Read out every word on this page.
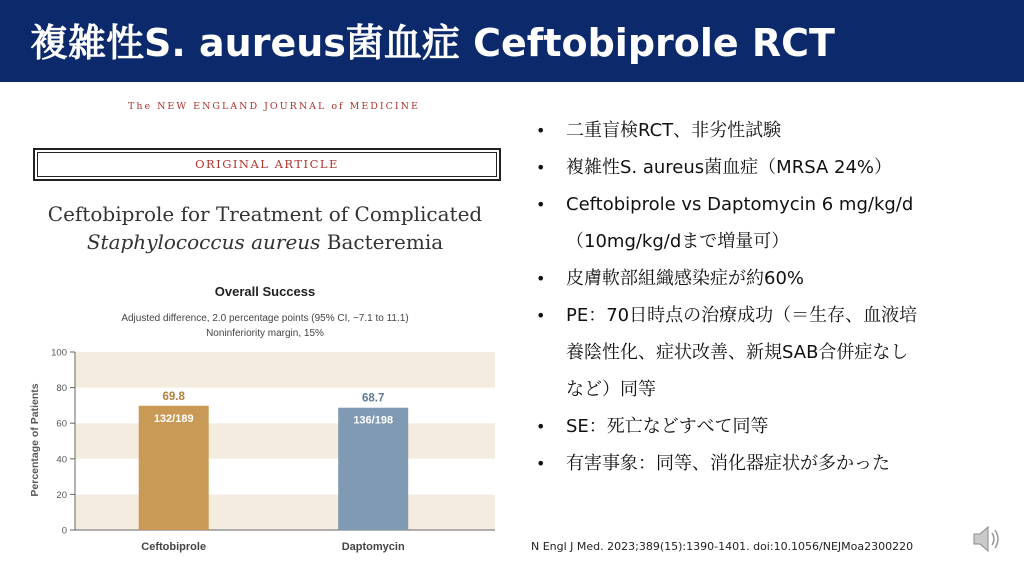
複雑性S. aureus菌血症 Ceftobiprole RCT
The NEW ENGLAND JOURNAL of MEDICINE
ORIGINAL ARTICLE
Ceftobiprole for Treatment of Complicated
Staphylococcus aureus Bacteremia
Overall Success
Adjusted difference, 2.0 percentage points (95% CI, −7.1 to 11.1)
Noninferiority margin, 15%
Percentage of Patients
0
20
40
60
80
100
69.8
132/189
Ceftobiprole
68.7
136/198
Daptomycin
• 二重盲検RCT、非劣性試験
• 複雑性S. aureus菌血症（MRSA 24%）
• Ceftobiprole vs Daptomycin 6 mg/kg/d
（10mg/kg/dまで増量可）
• 皮膚軟部組織感染症が約60%
• PE：70日時点の治療成功（＝生存、血液培
養陰性化、症状改善、新規SAB合併症なし
など）同等
• SE：死亡などすべて同等
• 有害事象：同等、消化器症状が多かった
N Engl J Med. 2023;389(15):1390-1401. doi:10.1056/NEJMoa2300220
